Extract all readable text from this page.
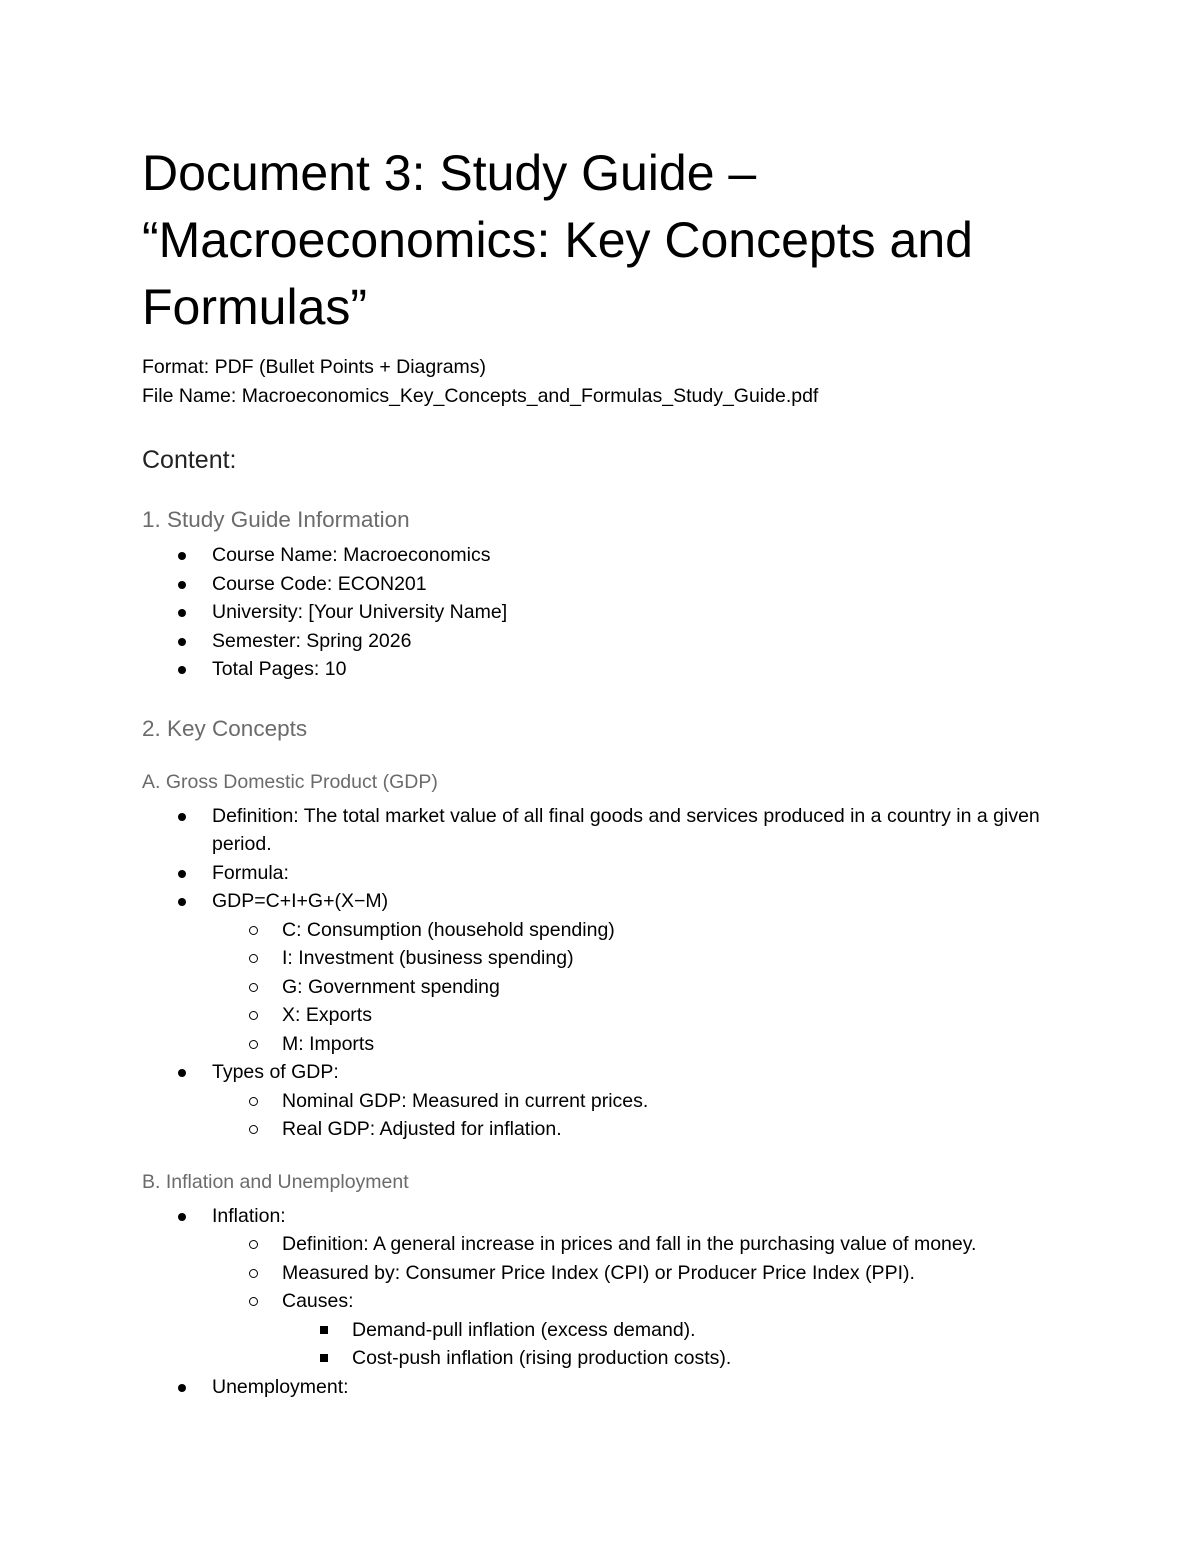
Document 3: Study Guide – “Macroeconomics: Key Concepts and Formulas”
Format: PDF (Bullet Points + Diagrams)
File Name: Macroeconomics_Key_Concepts_and_Formulas_Study_Guide.pdf
Content:
1. Study Guide Information
Course Name: Macroeconomics
Course Code: ECON201
University: [Your University Name]
Semester: Spring 2026
Total Pages: 10
2. Key Concepts
A. Gross Domestic Product (GDP)
Definition: The total market value of all final goods and services produced in a country in a given period.
Formula:
GDP=C+I+G+(X−M)
C: Consumption (household spending)
I: Investment (business spending)
G: Government spending
X: Exports
M: Imports
Types of GDP:
Nominal GDP: Measured in current prices.
Real GDP: Adjusted for inflation.
B. Inflation and Unemployment
Inflation:
Definition: A general increase in prices and fall in the purchasing value of money.
Measured by: Consumer Price Index (CPI) or Producer Price Index (PPI).
Causes:
Demand-pull inflation (excess demand).
Cost-push inflation (rising production costs).
Unemployment:
